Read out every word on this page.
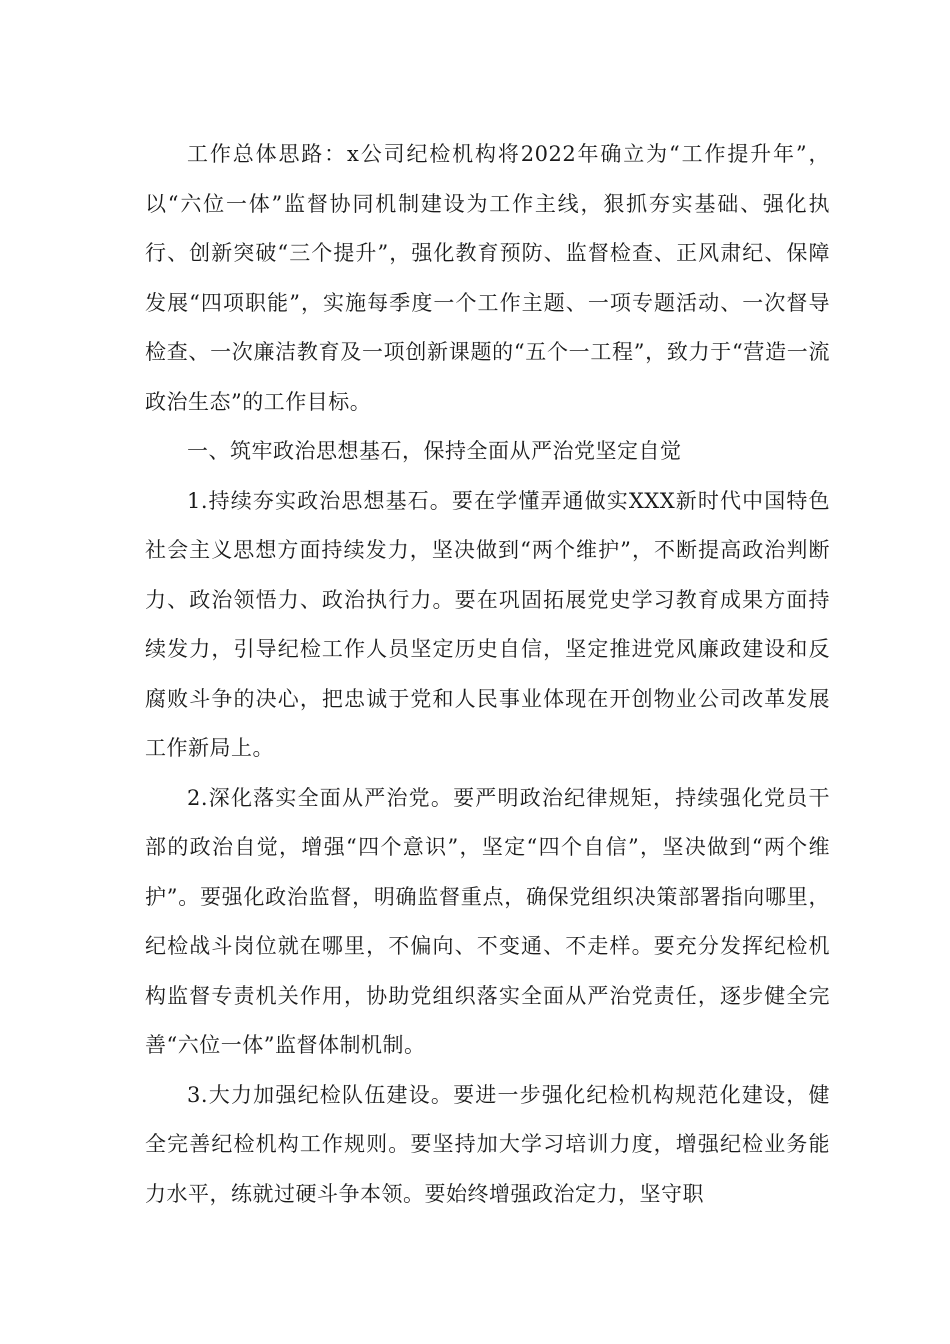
工作总体思路：x公司纪检机构将2022年确立为“工作提升年”，以“六位一体”监督协同机制建设为工作主线，狠抓夯实基础、强化执行、创新突破“三个提升”，强化教育预防、监督检查、正风肃纪、保障发展“四项职能”，实施每季度一个工作主题、一项专题活动、一次督导检查、一次廉洁教育及一项创新课题的“五个一工程”，致力于“营造一流政治生态”的工作目标。

一、筑牢政治思想基石，保持全面从严治党坚定自觉

1.持续夯实政治思想基石。要在学懂弄通做实XXX新时代中国特色社会主义思想方面持续发力，坚决做到“两个维护”，不断提高政治判断力、政治领悟力、政治执行力。要在巩固拓展党史学习教育成果方面持续发力，引导纪检工作人员坚定历史自信，坚定推进党风廉政建设和反腐败斗争的决心，把忠诚于党和人民事业体现在开创物业公司改革发展工作新局上。

2.深化落实全面从严治党。要严明政治纪律规矩，持续强化党员干部的政治自觉，增强“四个意识”，坚定“四个自信”，坚决做到“两个维护”。要强化政治监督，明确监督重点，确保党组织决策部署指向哪里，纪检战斗岗位就在哪里，不偏向、不变通、不走样。要充分发挥纪检机构监督专责机关作用，协助党组织落实全面从严治党责任，逐步健全完善“六位一体”监督体制机制。

3.大力加强纪检队伍建设。要进一步强化纪检机构规范化建设，健全完善纪检机构工作规则。要坚持加大学习培训力度，增强纪检业务能力水平，练就过硬斗争本领。要始终增强政治定力，坚守职
